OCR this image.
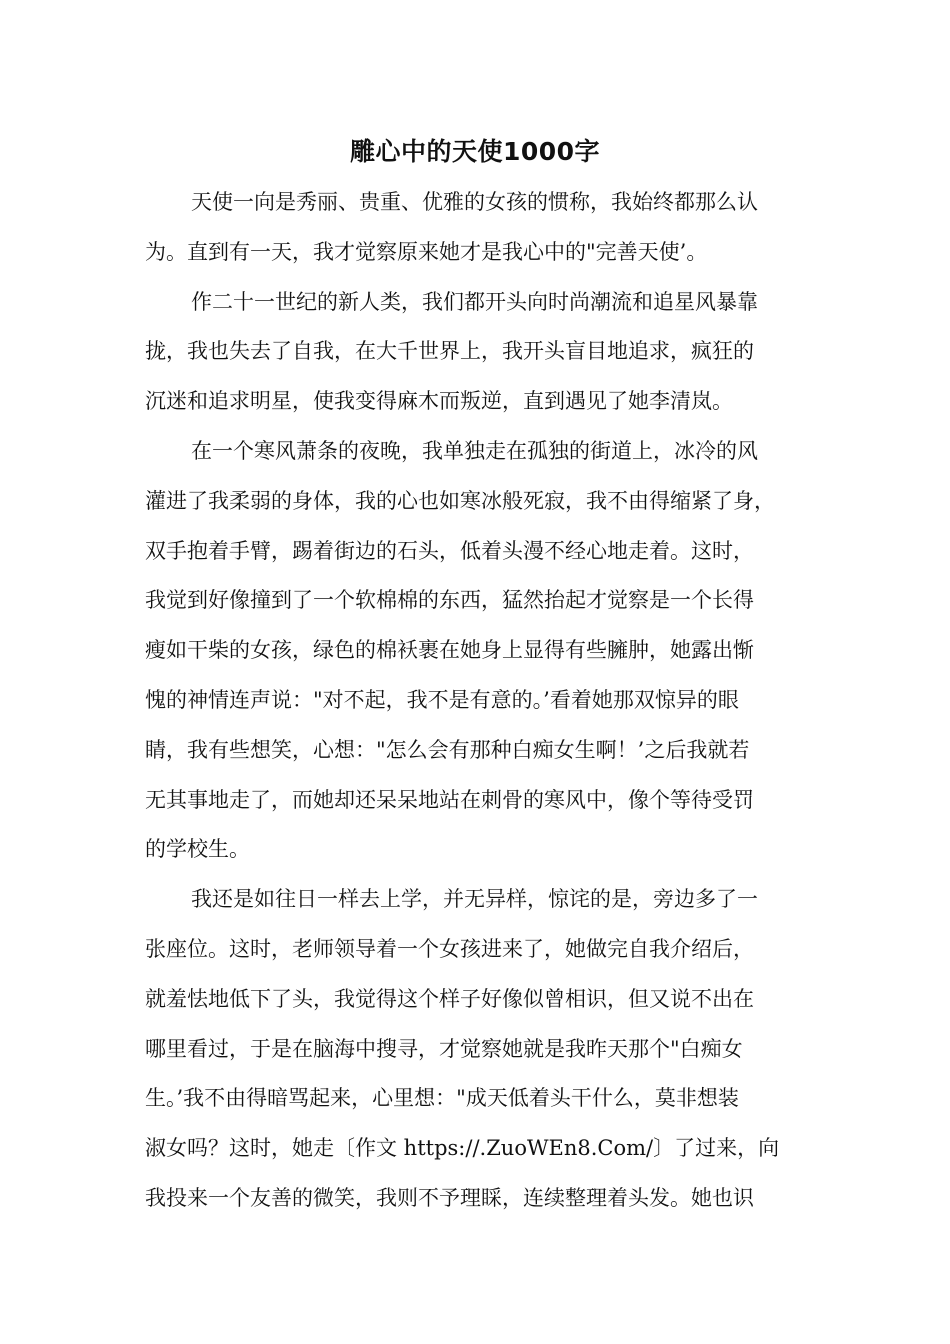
雕心中的天使1000字
天使一向是秀丽、贵重、优雅的女孩的惯称，我始终都那么认
为。直到有一天，我才觉察原来她才是我心中的"完善天使’。
作二十一世纪的新人类，我们都开头向时尚潮流和追星风暴靠
拢，我也失去了自我，在大千世界上，我开头盲目地追求，疯狂的
沉迷和追求明星，使我变得麻木而叛逆，直到遇见了她李清岚。
在一个寒风萧条的夜晚，我单独走在孤独的街道上，冰冷的风
灌进了我柔弱的身体，我的心也如寒冰般死寂，我不由得缩紧了身，
双手抱着手臂，踢着街边的石头，低着头漫不经心地走着。这时，
我觉到好像撞到了一个软棉棉的东西，猛然抬起才觉察是一个长得
瘦如干柴的女孩，绿色的棉袄裹在她身上显得有些臃肿，她露出惭
愧的神情连声说："对不起，我不是有意的。’看着她那双惊异的眼
睛，我有些想笑，心想："怎么会有那种白痴女生啊！’之后我就若
无其事地走了，而她却还呆呆地站在刺骨的寒风中，像个等待受罚
的学校生。
我还是如往日一样去上学，并无异样，惊诧的是，旁边多了一
张座位。这时，老师领导着一个女孩进来了，她做完自我介绍后，
就羞怯地低下了头，我觉得这个样子好像似曾相识，但又说不出在
哪里看过，于是在脑海中搜寻，才觉察她就是我昨天那个"白痴女
生。’我不由得暗骂起来，心里想："成天低着头干什么，莫非想装
淑女吗？这时，她走〔作文 https://.ZuoWEn8.Com/〕了过来，向
我投来一个友善的微笑，我则不予理睬，连续整理着头发。她也识
